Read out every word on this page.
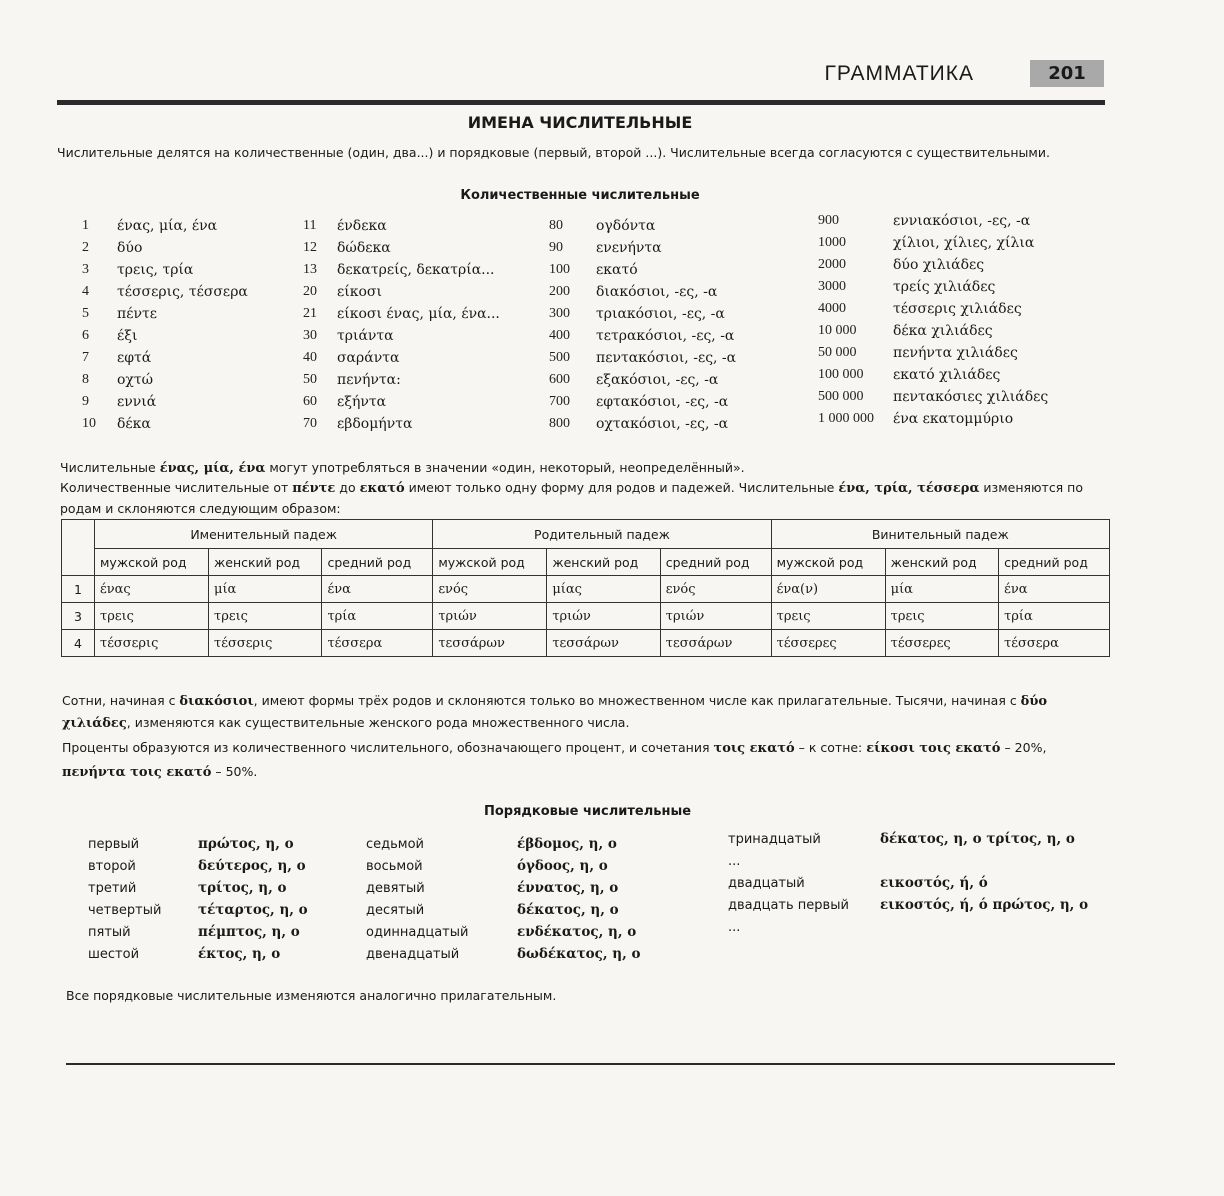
ГРАММАТИКА	201
ИМЕНА ЧИСЛИТЕЛЬНЫЕ
Числительные делятся на количественные (один, два...) и порядковые (первый, второй ...). Числительные всегда согласуются с существительными.
Количественные числительные
1	ένας, μία, ένα
2	δύο
3	τρεις, τρία
4	τέσσερις, τέσσερα
5	πέντε
6	έξι
7	εφτά
8	οχτώ
9	εννιά
10	δέκα
11	ένδεκα
12	δώδεκα
13	δεκατρείς, δεκατρία...
20	είκοσι
21	είκοσι ένας, μία, ένα...
30	τριάντα
40	σαράντα
50	πενήντα:
60	εξήντα
70	εβδομήντα
80	ογδόντα
90	ενενήντα
100	εκατό
200	διακόσιοι, -ες, -α
300	τριακόσιοι, -ες, -α
400	τετρακόσιοι, -ες, -α
500	πεντακόσιοι, -ες, -α
600	εξακόσιοι, -ες, -α
700	εφτακόσιοι, -ες, -α
800	οχτακόσιοι, -ες, -α
900	εννιακόσιοι, -ες, -α
1000	χίλιοι, χίλιες, χίλια
2000	δύο χιλιάδες
3000	τρείς χιλιάδες
4000	τέσσερις χιλιάδες
10 000	δέκα χιλιάδες
50 000	πενήντα χιλιάδες
100 000	εκατό χιλιάδες
500 000	πεντακόσιες χιλιάδες
1 000 000	ένα εκατομμύριο
Числительные ένας, μία, ένα могут употребляться в значении «один, некоторый, неопределённый».
Количественные числительные от πέντε до εκατό имеют только одну форму для родов и падежей. Числительные ένα, τρία, τέσσερα изменяются по родам и склоняются следующим образом:
	Именительный падеж			Родительный падеж			Винительный падеж		
	мужской род	женский род	средний род	мужской род	женский род	средний род	мужской род	женский род	средний род
1	ένας	μία	ένα	ενός	μίας	ενός	ένα(ν)	μία	ένα
3	τρεις	τρεις	τρία	τριών	τριών	τριών	τρεις	τρεις	τρία
4	τέσσερις	τέσσερις	τέσσερα	τεσσάρων	τεσσάρων	τεσσάρων	τέσσερες	τέσσερες	τέσσερα
Сотни, начиная с διακόσιοι, имеют формы трёх родов и склоняются только во множественном числе как прилагательные. Тысячи, начиная с δύο χιλιάδες, изменяются как существительные женского рода множественного числа.
Проценты образуются из количественного числительного, обозначающего процент, и сочетания τοις εκατό – к сотне: είκοσι τοις εκατό – 20%, πενήντα τοις εκατό – 50%.
Порядковые числительные
первый	πρώτος, η, ο
второй	δεύτερος, η, ο
третий	τρίτος, η, ο
четвертый	τέταρτος, η, ο
пятый	πέμπτος, η, ο
шестой	έκτος, η, ο
седьмой	έβδομος, η, ο
восьмой	όγδοος, η, ο
девятый	έννατος, η, ο
десятый	δέκατος, η, ο
одиннадцатый	ενδέκατος, η, ο
двенадцатый	δωδέκατος, η, ο
тринадцатый	δέκατος, η, ο τρίτος, η, ο
...
двадцатый	εικοστός, ή, ό
двадцать первый	εικοστός, ή, ό πρώτος, η, ο
...
Все порядковые числительные изменяются аналогично прилагательным.
